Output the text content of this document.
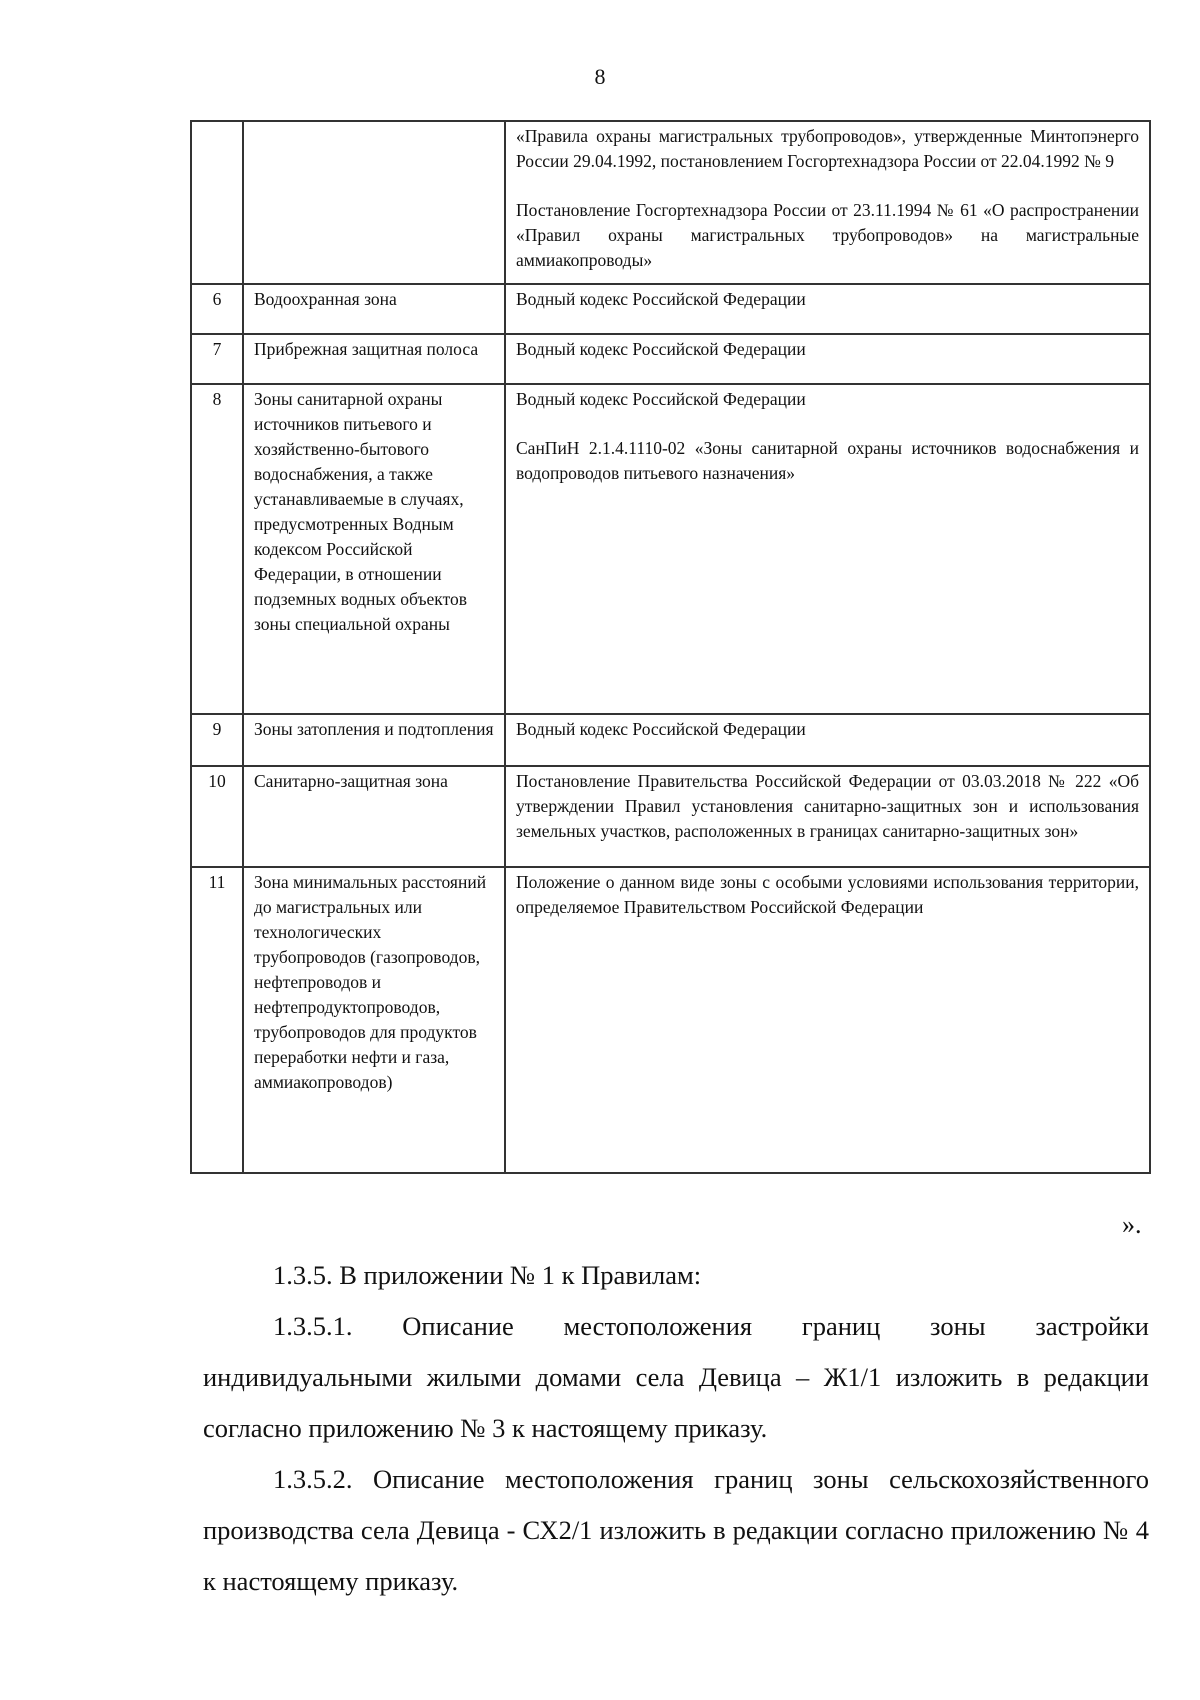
8

		«Правила охраны магистральных трубопроводов», утвержденные Минтопэнерго России 29.04.1992, постановлением Госгортехнадзора России от 22.04.1992 № 9
Постановление Госгортехнадзора России от 23.11.1994 № 61 «О распространении «Правил охраны магистральных трубопроводов» на магистральные аммиакопроводы»

6	Водоохранная зона	Водный кодекс Российской Федерации

7	Прибрежная защитная полоса	Водный кодекс Российской Федерации

8	Зоны санитарной охраны источников питьевого и хозяйственно-бытового водоснабжения, а также устанавливаемые в случаях, предусмотренных Водным кодексом Российской Федерации, в отношении подземных водных объектов зоны специальной охраны	Водный кодекс Российской Федерации
СанПиН 2.1.4.1110-02 «Зоны санитарной охраны источников водоснабжения и водопроводов питьевого назначения»

9	Зоны затопления и подтопления	Водный кодекс Российской Федерации

10	Санитарно-защитная зона	Постановление Правительства Российской Федерации от 03.03.2018 № 222 «Об утверждении Правил установления санитарно-защитных зон и использования земельных участков, расположенных в границах санитарно-защитных зон»

11	Зона минимальных расстояний до магистральных или технологических трубопроводов (газопроводов, нефтепроводов и нефтепродуктопроводов, трубопроводов для продуктов переработки нефти и газа, аммиакопроводов)	Положение о данном виде зоны с особыми условиями использования территории, определяемое Правительством Российской Федерации
».

1.3.5. В приложении № 1 к Правилам:

1.3.5.1. Описание местоположения границ зоны застройки индивидуальными жилыми домами села Девица – Ж1/1 изложить в редакции согласно приложению № 3 к настоящему приказу.

1.3.5.2. Описание местоположения границ зоны сельскохозяйственного производства села Девица - СХ2/1 изложить в редакции согласно приложению № 4 к настоящему приказу.
